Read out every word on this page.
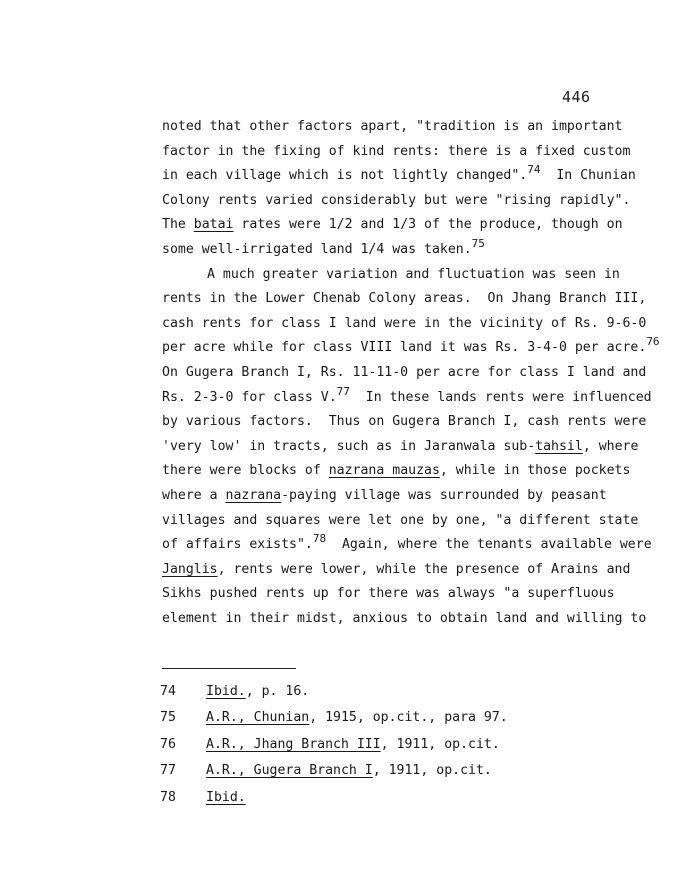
446
noted that other factors apart, "tradition is an important
factor in the fixing of kind rents: there is a fixed custom
in each village which is not lightly changed".$^{74}$  In Chunian
Colony rents varied considerably but were "rising rapidly".
The batai rates were 1/2 and 1/3 of the produce, though on
some well-irrigated land 1/4 was taken.$^{75}$
A much greater variation and fluctuation was seen in
rents in the Lower Chenab Colony areas.  On Jhang Branch III,
cash rents for class I land were in the vicinity of Rs. 9-6-0
per acre while for class VIII land it was Rs. 3-4-0 per acre.$^{76}$
On Gugera Branch I, Rs. 11-11-0 per acre for class I land and
Rs. 2-3-0 for class V.$^{77}$  In these lands rents were influenced
by various factors.  Thus on Gugera Branch I, cash rents were
'very low' in tracts, such as in Jaranwala sub-tahsil, where
there were blocks of nazrana mauzas, while in those pockets
where a nazrana-paying village was surrounded by peasant
villages and squares were let one by one, "a different state
of affairs exists".$^{78}$  Again, where the tenants available were
Janglis, rents were lower, while the presence of Arains and
Sikhs pushed rents up for there was always "a superfluous
element in their midst, anxious to obtain land and willing to
74	Ibid., p. 16.
75	A.R., Chunian, 1915, op.cit., para 97.
76	A.R., Jhang Branch III, 1911, op.cit.
77	A.R., Gugera Branch I, 1911, op.cit.
78	Ibid.
